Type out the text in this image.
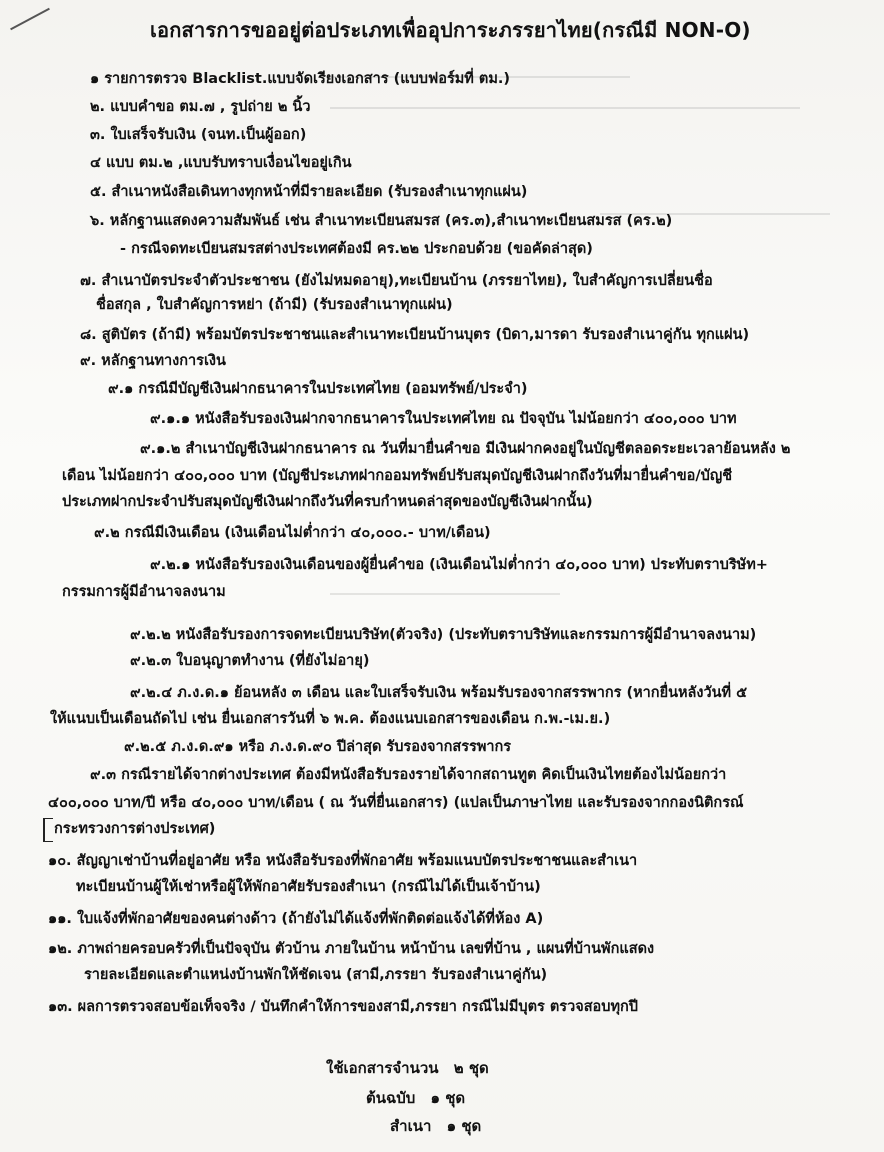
เอกสารการขออยู่ต่อประเภทเพื่ออุปการะภรรยาไทย(กรณีมี NON-O)
๑ รายการตรวจ Blacklist.แบบจัดเรียงเอกสาร (แบบฟอร์มที่ ตม.)
๒. แบบคำขอ ตม.๗ , รูปถ่าย ๒ นิ้ว
๓. ใบเสร็จรับเงิน (จนท.เป็นผู้ออก)
๔ แบบ ตม.๒ ,แบบรับทราบเงื่อนไขอยู่เกิน
๕. สำเนาหนังสือเดินทางทุกหน้าที่มีรายละเอียด (รับรองสำเนาทุกแผ่น)
๖. หลักฐานแสดงความสัมพันธ์ เช่น สำเนาทะเบียนสมรส (คร.๓),สำเนาทะเบียนสมรส (คร.๒)
- กรณีจดทะเบียนสมรสต่างประเทศต้องมี คร.๒๒ ประกอบด้วย (ขอคัดล่าสุด)
๗. สำเนาบัตรประจำตัวประชาชน (ยังไม่หมดอายุ),ทะเบียนบ้าน (ภรรยาไทย), ใบสำคัญการเปลี่ยนชื่อ
ชื่อสกุล , ใบสำคัญการหย่า (ถ้ามี) (รับรองสำเนาทุกแผ่น)
๘. สูติบัตร (ถ้ามี) พร้อมบัตรประชาชนและสำเนาทะเบียนบ้านบุตร (บิดา,มารดา รับรองสำเนาคู่กัน ทุกแผ่น)
๙. หลักฐานทางการเงิน
๙.๑ กรณีมีบัญชีเงินฝากธนาคารในประเทศไทย (ออมทรัพย์/ประจำ)
๙.๑.๑ หนังสือรับรองเงินฝากจากธนาคารในประเทศไทย ณ ปัจจุบัน ไม่น้อยกว่า ๔๐๐,๐๐๐ บาท
๙.๑.๒ สำเนาบัญชีเงินฝากธนาคาร ณ วันที่มายื่นคำขอ มีเงินฝากคงอยู่ในบัญชีตลอดระยะเวลาย้อนหลัง ๒
เดือน ไม่น้อยกว่า ๔๐๐,๐๐๐ บาท (บัญชีประเภทฝากออมทรัพย์ปรับสมุดบัญชีเงินฝากถึงวันที่มายื่นคำขอ/บัญชี
ประเภทฝากประจำปรับสมุดบัญชีเงินฝากถึงวันที่ครบกำหนดล่าสุดของบัญชีเงินฝากนั้น)
๙.๒ กรณีมีเงินเดือน (เงินเดือนไม่ต่ำกว่า ๔๐,๐๐๐.- บาท/เดือน)
๙.๒.๑ หนังสือรับรองเงินเดือนของผู้ยื่นคำขอ (เงินเดือนไม่ต่ำกว่า ๔๐,๐๐๐ บาท) ประทับตราบริษัท+
กรรมการผู้มีอำนาจลงนาม
๙.๒.๒ หนังสือรับรองการจดทะเบียนบริษัท(ตัวจริง) (ประทับตราบริษัทและกรรมการผู้มีอำนาจลงนาม)
๙.๒.๓ ใบอนุญาตทำงาน (ที่ยังไม่อายุ)
๙.๒.๔ ภ.ง.ด.๑ ย้อนหลัง ๓ เดือน และใบเสร็จรับเงิน พร้อมรับรองจากสรรพากร (หากยื่นหลังวันที่ ๕
ให้แนบเป็นเดือนถัดไป เช่น ยื่นเอกสารวันที่ ๖ พ.ค. ต้องแนบเอกสารของเดือน ก.พ.-เม.ย.)
๙.๒.๕ ภ.ง.ด.๙๑ หรือ ภ.ง.ด.๙๐ ปีล่าสุด รับรองจากสรรพากร
๙.๓ กรณีรายได้จากต่างประเทศ ต้องมีหนังสือรับรองรายได้จากสถานทูต คิดเป็นเงินไทยต้องไม่น้อยกว่า
๔๐๐,๐๐๐ บาท/ปี หรือ ๔๐,๐๐๐ บาท/เดือน ( ณ วันที่ยื่นเอกสาร) (แปลเป็นภาษาไทย และรับรองจากกองนิติกรณ์
กระทรวงการต่างประเทศ)
๑๐. สัญญาเช่าบ้านที่อยู่อาศัย หรือ หนังสือรับรองที่พักอาศัย พร้อมแนบบัตรประชาชนและสำเนา
ทะเบียนบ้านผู้ให้เช่าหรือผู้ให้พักอาศัยรับรองสำเนา (กรณีไม่ได้เป็นเจ้าบ้าน)
๑๑. ใบแจ้งที่พักอาศัยของคนต่างด้าว (ถ้ายังไม่ได้แจ้งที่พักติดต่อแจ้งได้ที่ห้อง A)
๑๒. ภาพถ่ายครอบครัวที่เป็นปัจจุบัน ตัวบ้าน ภายในบ้าน หน้าบ้าน เลขที่บ้าน , แผนที่บ้านพักแสดง
รายละเอียดและตำแหน่งบ้านพักให้ชัดเจน (สามี,ภรรยา รับรองสำเนาคู่กัน)
๑๓. ผลการตรวจสอบข้อเท็จจริง / บันทึกคำให้การของสามี,ภรรยา กรณีไม่มีบุตร ตรวจสอบทุกปี
ใช้เอกสารจำนวน ๒ ชุด
ต้นฉบับ ๑ ชุด
สำเนา ๑ ชุด
